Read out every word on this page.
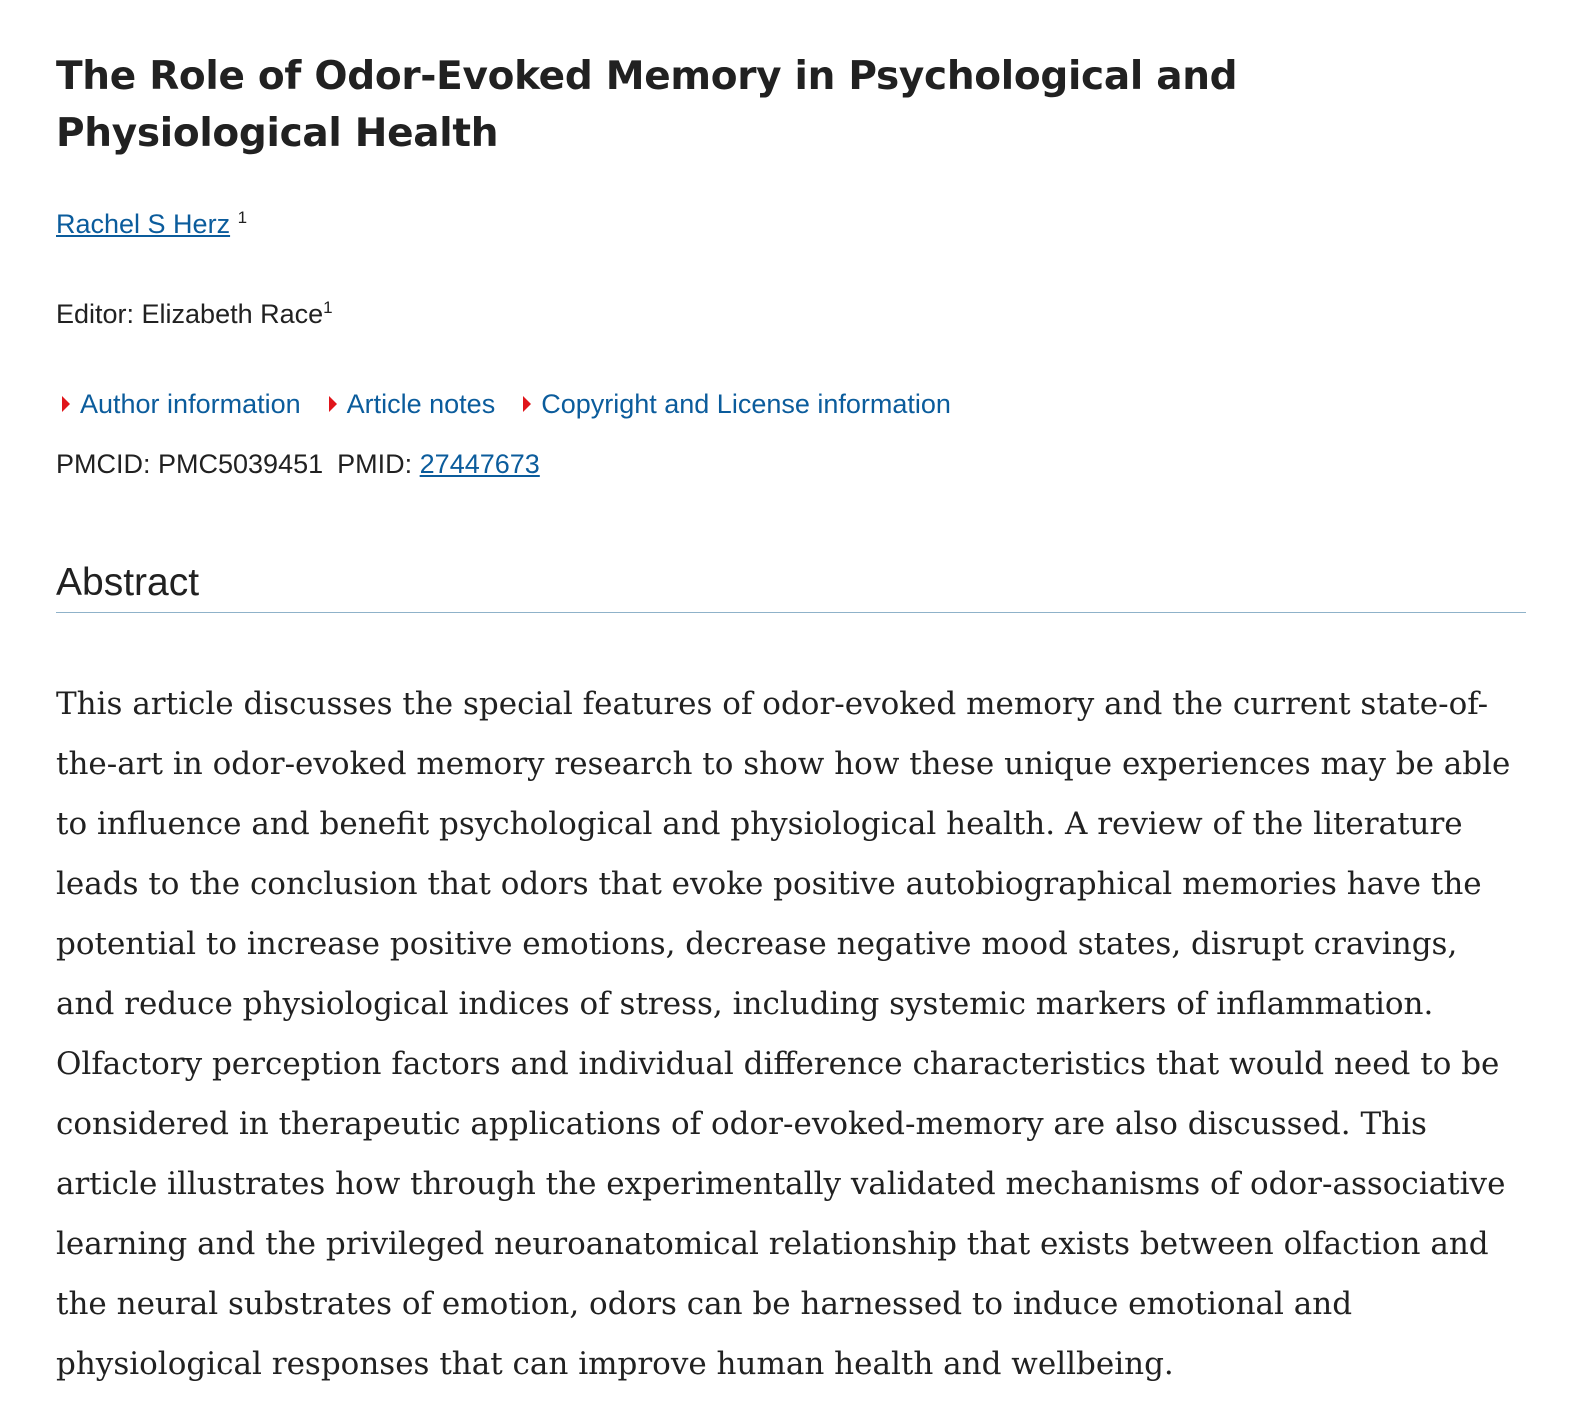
The Role of Odor-Evoked Memory in Psychological and Physiological Health
Rachel S Herz $^1$
Editor: Elizabeth Race$^1$
Author information Article notes Copyright and License information
PMCID: PMC5039451 PMID: 27447673
Abstract

This article discusses the special features of odor-evoked memory and the current state-of-the-art in odor-evoked memory research to show how these unique experiences may be able to influence and benefit psychological and physiological health. A review of the literature leads to the conclusion that odors that evoke positive autobiographical memories have the potential to increase positive emotions, decrease negative mood states, disrupt cravings, and reduce physiological indices of stress, including systemic markers of inflammation. Olfactory perception factors and individual difference characteristics that would need to be considered in therapeutic applications of odor-evoked-memory are also discussed. This article illustrates how through the experimentally validated mechanisms of odor-associative learning and the privileged neuroanatomical relationship that exists between olfaction and the neural substrates of emotion, odors can be harnessed to induce emotional and physiological responses that can improve human health and wellbeing.
